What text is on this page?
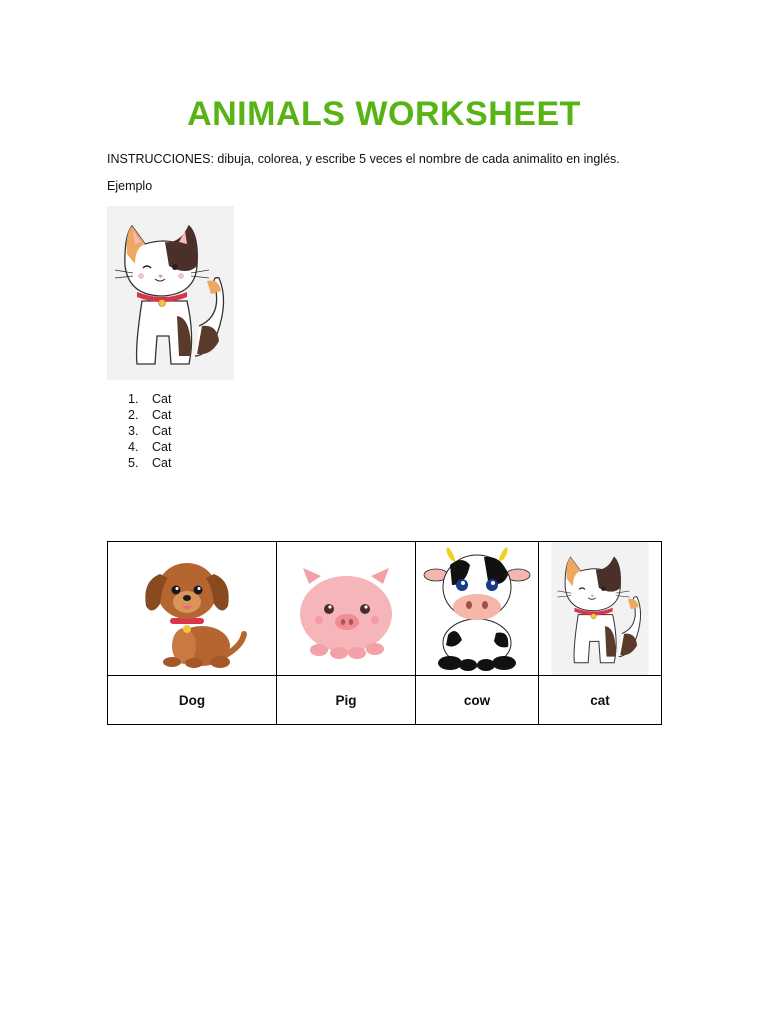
ANIMALS WORKSHEET
INSTRUCCIONES: dibuja, colorea, y escribe 5 veces el nombre de cada animalito en inglés.
Ejemplo
1. Cat
2. Cat
3. Cat
4. Cat
5. Cat

Dog	Pig	cow	cat
